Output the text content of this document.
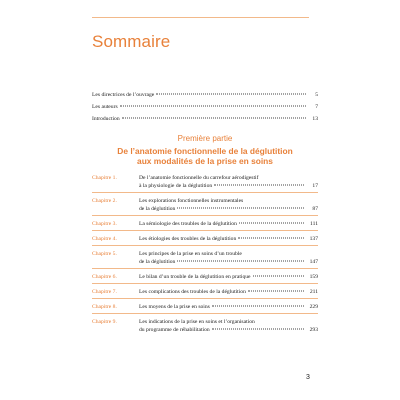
Sommaire
Les directrices de l’ouvrage	5
Les auteurs	7
Introduction	13
Première partie
De l’anatomie fonctionnelle de la déglutition
aux modalités de la prise en soins
Chapitre 1.	De l’anatomie fonctionnelle du carrefour aérodigestif
à la physiologie de la déglutition	17
Chapitre 2.	Les explorations fonctionnelles instrumentales
de la déglutition	87
Chapitre 3.	La sémiologie des troubles de la déglutition	111
Chapitre 4.	Les étiologies des troubles de la déglutition	137
Chapitre 5.	Les principes de la prise en soins d’un trouble
de la déglutition	147
Chapitre 6.	Le bilan d’un trouble de la déglutition en pratique	159
Chapitre 7.	Les complications des troubles de la déglutition	211
Chapitre 8.	Les moyens de la prise en soins	229
Chapitre 9.	Les indications de la prise en soins et l’organisation
du programme de réhabilitation	293
3
